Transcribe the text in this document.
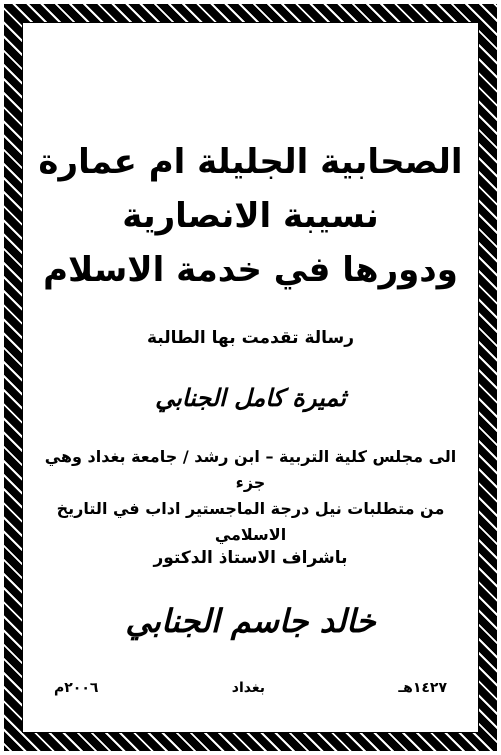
الصحابية الجليلة ام عمارة
نسيبة الانصارية
ودورها في خدمة الاسلام
رسالة تقدمت بها الطالبة
ثميرة كامل الجنابي
الى مجلس كلية التربية – ابن رشد / جامعة بغداد وهي جزء
من متطلبات نيل درجة الماجستير اداب في التاريخ الاسلامي
باشراف الاستاذ الدكتور
خالد جاسم الجنابي
١٤٢٧هـ
بغداد
٢٠٠٦م
